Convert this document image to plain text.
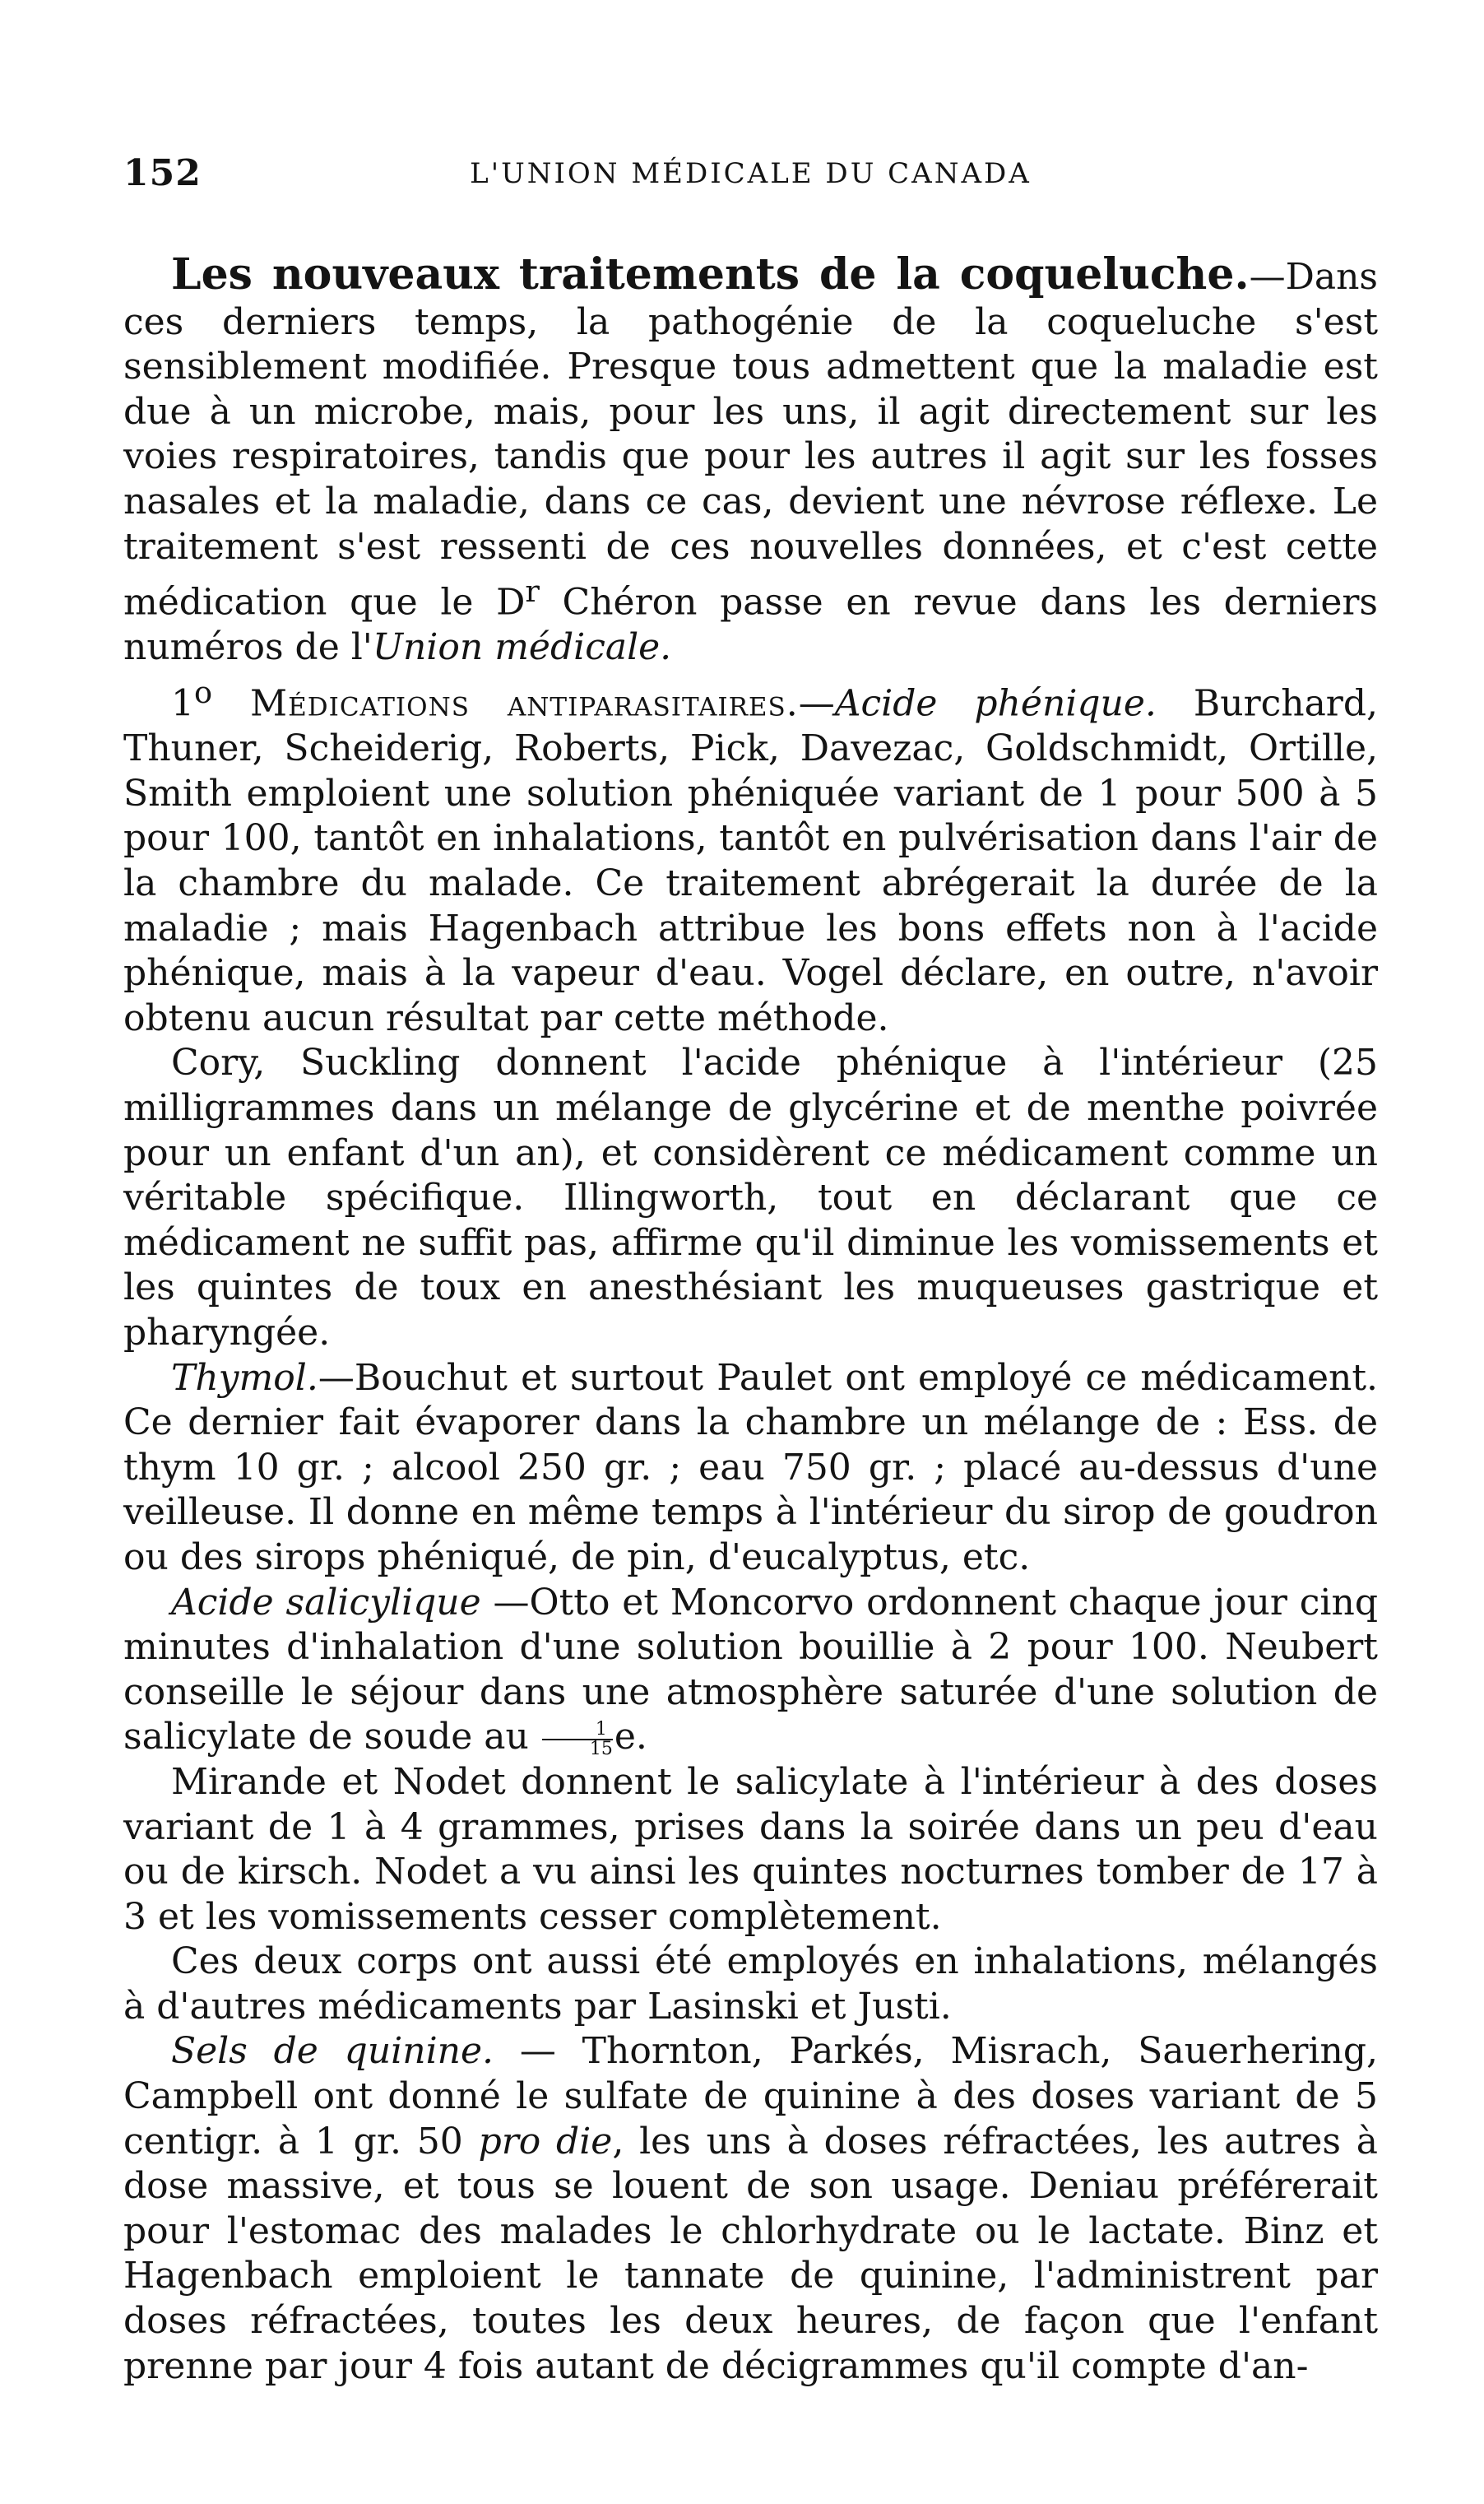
152	L'UNION MÉDICALE DU CANADA

Les nouveaux traitements de la coqueluche.—Dans ces derniers temps, la pathogénie de la coqueluche s'est sensiblement modifiée. Presque tous admettent que la maladie est due à un microbe, mais, pour les uns, il agit directement sur les voies respiratoires, tandis que pour les autres il agit sur les fosses nasales et la maladie, dans ce cas, devient une névrose réflexe. Le traitement s'est ressenti de ces nouvelles données, et c'est cette médication que le $D^r$ Chéron passe en revue dans les derniers numéros de l'Union médicale.

1$^o$ Médications antiparasitaires.—Acide phénique. Burchard, Thuner, Scheiderig, Roberts, Pick, Davezac, Goldschmidt, Ortille, Smith emploient une solution phéniquée variant de 1 pour 500 à 5 pour 100, tantôt en inhalations, tantôt en pulvérisation dans l'air de la chambre du malade. Ce traitement abrégerait la durée de la maladie ; mais Hagenbach attribue les bons effets non à l'acide phénique, mais à la vapeur d'eau. Vogel déclare, en outre, n'avoir obtenu aucun résultat par cette méthode.

Cory, Suckling donnent l'acide phénique à l'intérieur (25 milligrammes dans un mélange de glycérine et de menthe poivrée pour un enfant d'un an), et considèrent ce médicament comme un véritable spécifique. Illingworth, tout en déclarant que ce médicament ne suffit pas, affirme qu'il diminue les vomissements et les quintes de toux en anesthésiant les muqueuses gastrique et pharyngée.

Thymol.—Bouchut et surtout Paulet ont employé ce médicament. Ce dernier fait évaporer dans la chambre un mélange de : Ess. de thym 10 gr. ; alcool 250 gr. ; eau 750 gr. ; placé au-dessus d'une veilleuse. Il donne en même temps à l'intérieur du sirop de goudron ou des sirops phéniqué, de pin, d'eucalyptus, etc.

Acide salicylique —Otto et Moncorvo ordonnent chaque jour cinq minutes d'inhalation d'une solution bouillie à 2 pour 100. Neubert conseille le séjour dans une atmosphère saturée d'une solution de salicylate de soude au $\frac{1}{15} e$.

Mirande et Nodet donnent le salicylate à l'intérieur à des doses variant de 1 à 4 grammes, prises dans la soirée dans un peu d'eau ou de kirsch. Nodet a vu ainsi les quintes nocturnes tomber de 17 à 3 et les vomissements cesser complètement.

Ces deux corps ont aussi été employés en inhalations, mélangés à d'autres médicaments par Lasinski et Justi.

Sels de quinine. — Thornton, Parkés, Misrach, Sauerhering, Campbell ont donné le sulfate de quinine à des doses variant de 5 centigr. à 1 gr. 50 pro die, les uns à doses réfractées, les autres à dose massive, et tous se louent de son usage. Deniau préférerait pour l'estomac des malades le chlorhydrate ou le lactate. Binz et Hagenbach emploient le tannate de quinine, l'administrent par doses réfractées, toutes les deux heures, de façon que l'enfant prenne par jour 4 fois autant de décigrammes qu'il compte d'an-
